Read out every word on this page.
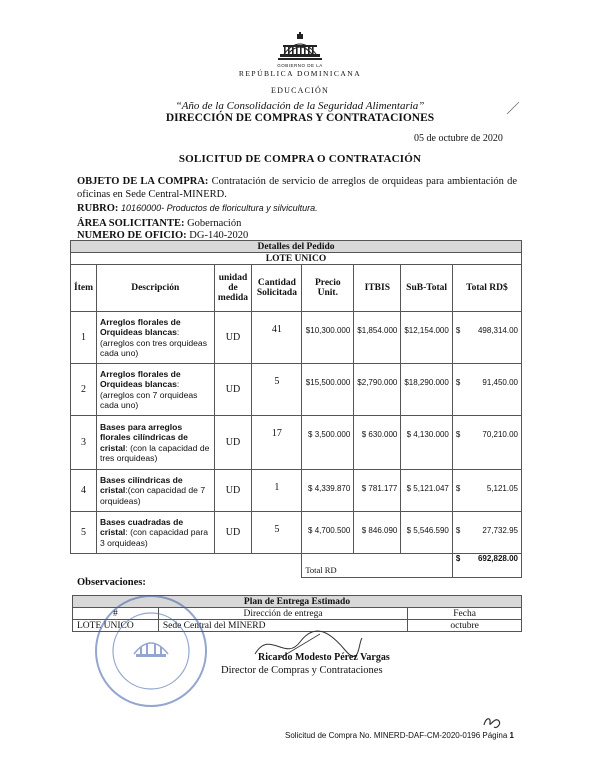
GOBIERNO DE LA
REPÚBLICA DOMINICANA
EDUCACIÓN
“Año de la Consolidación de la Seguridad Alimentaria”
DIRECCIÓN DE COMPRAS Y CONTRATACIONES
05 de octubre de 2020
SOLICITUD DE COMPRA O CONTRATACIÓN
OBJETO DE LA COMPRA: Contratación de servicio de arreglos de orquideas para ambientación de oficinas en Sede Central-MINERD.
RUBRO: 10160000- Productos de floricultura y silvicultura.
ÁREA SOLICITANTE: Gobernación
NUMERO DE OFICIO: DG-140-2020
Detalles del Pedido							
LOTE UNICO							
Ítem	Descripción	unidad de medida	Cantidad Solicitada	Precio Unit.	ITBIS	SuB-Total	Total RD$
1	Arreglos florales de Orquideas blancas:(arreglos con tres orquideas cada uno)	UD	41	$10,300.000	$1,854.000	$12,154.000	$ 498,314.00

2	Arreglos florales de Orquideas blancas:(arreglos con 7 orquideas cada uno)	UD	5	$15,500.000	$2,790.000	$18,290.000	$ 91,450.00

3	Bases para arreglos florales cilíndricas de cristal: (con la capacidad de tres orquideas)	UD	17	$ 3,500.000	$ 630.000	$ 4,130.000	$ 70,210.00

4	Bases cilíndricas de cristal:(con capacidad de 7 orquideas)	UD	1	$ 4,339.870	$ 781.177	$ 5,121.047	$ 5,121.05

5	Bases cuadradas de cristal: (con capacidad para 3 orquideas)	UD	5	$ 4,700.500	$ 846.090	$ 5,546.590	$ 27,732.95

				Total RD			$ 692,828.00
Observaciones:
Plan de Entrega Estimado		
#	Dirección de entrega	Fecha
LOTE UNICO	Sede Central del MINERD	octubre
Ricardo Modesto Pérez Vargas
Director de Compras y Contrataciones
Solicitud de Compra No. MINERD-DAF-CM-2020-0196 Página 1
